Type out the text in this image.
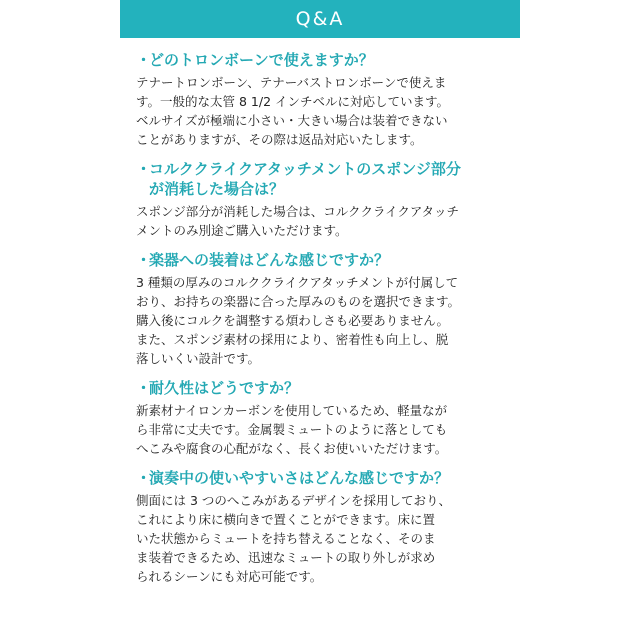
Q&A
・どのトロンボーンで使えますか？
テナートロンボーン、テナーバストロンボーンで使えま
す。一般的な太管 8 1/2 インチベルに対応しています。
ベルサイズが極端に小さい・大きい場合は装着できない
ことがありますが、その際は返品対応いたします。
・コルククライクアタッチメントのスポンジ部分
が消耗した場合は？
スポンジ部分が消耗した場合は、コルククライクアタッチ
メントのみ別途ご購入いただけます。
・楽器への装着はどんな感じですか？
3 種類の厚みのコルククライクアタッチメントが付属して
おり、お持ちの楽器に合った厚みのものを選択できます。
購入後にコルクを調整する煩わしさも必要ありません。
また、スポンジ素材の採用により、密着性も向上し、脱
落しいくい設計です。
・耐久性はどうですか？
新素材ナイロンカーボンを使用しているため、軽量なが
ら非常に丈夫です。金属製ミュートのように落としても
へこみや腐食の心配がなく、長くお使いいただけます。
・演奏中の使いやすいさはどんな感じですか？
側面には 3 つのへこみがあるデザインを採用しており、
これにより床に横向きで置くことができます。床に置
いた状態からミュートを持ち替えることなく、そのま
ま装着できるため、迅速なミュートの取り外しが求め
られるシーンにも対応可能です。
